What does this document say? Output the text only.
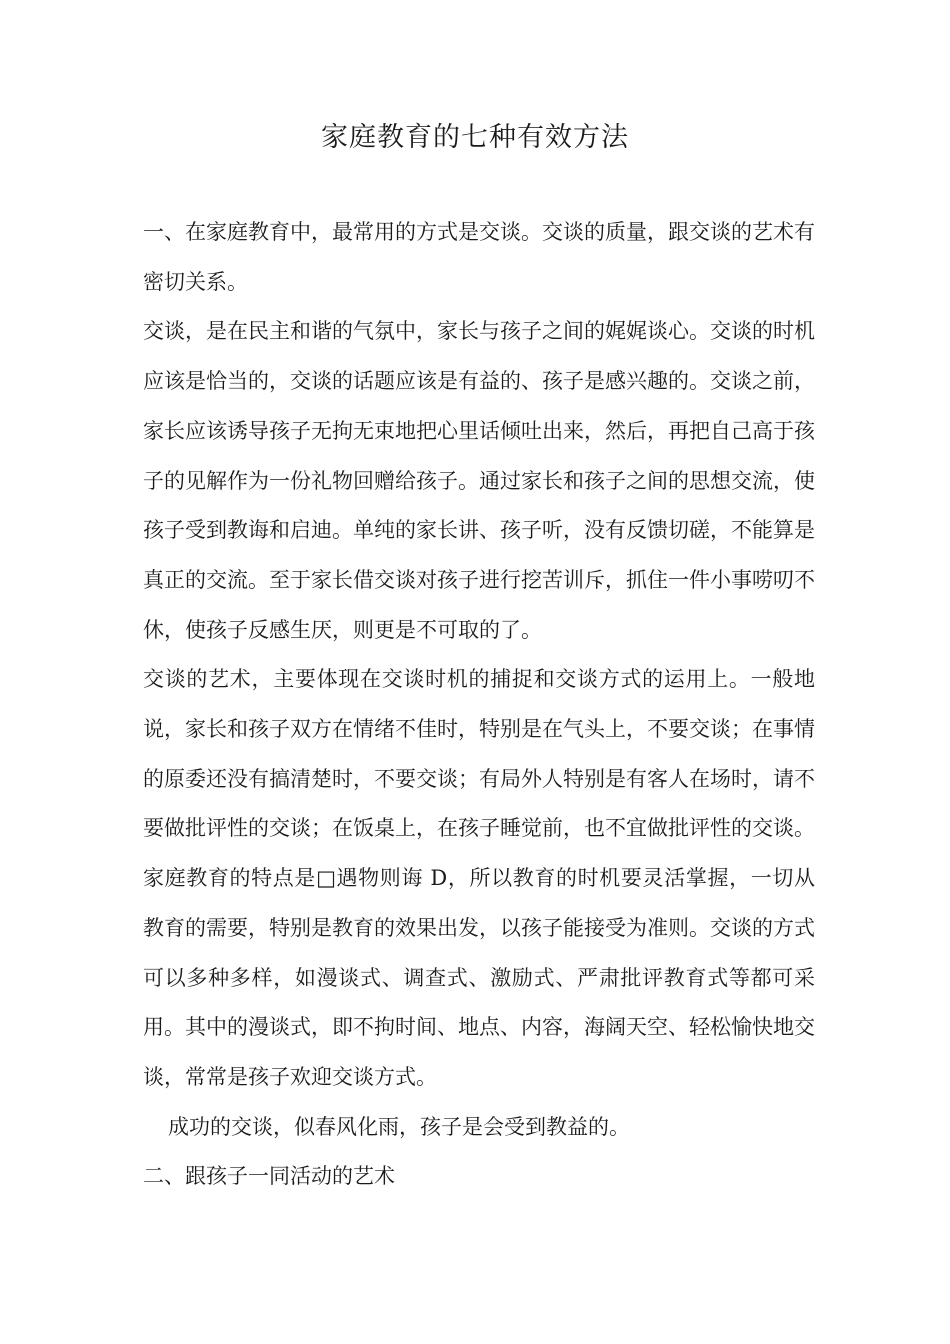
家庭教育的七种有效方法

一、在家庭教育中，最常用的方式是交谈。交谈的质量，跟交谈的艺术有密切关系。

交谈，是在民主和谐的气氛中，家长与孩子之间的娓娓谈心。交谈的时机应该是恰当的，交谈的话题应该是有益的、孩子是感兴趣的。交谈之前，家长应该诱导孩子无拘无束地把心里话倾吐出来，然后，再把自己高于孩子的见解作为一份礼物回赠给孩子。通过家长和孩子之间的思想交流，使孩子受到教诲和启迪。单纯的家长讲、孩子听，没有反馈切磋，不能算是真正的交流。至于家长借交谈对孩子进行挖苦训斥，抓住一件小事唠叨不休，使孩子反感生厌，则更是不可取的了。

交谈的艺术，主要体现在交谈时机的捕捉和交谈方式的运用上。一般地说，家长和孩子双方在情绪不佳时，特别是在气头上，不要交谈；在事情的原委还没有搞清楚时，不要交谈；有局外人特别是有客人在场时，请不要做批评性的交谈；在饭桌上，在孩子睡觉前，也不宜做批评性的交谈。家庭教育的特点是□遇物则诲 D，所以教育的时机要灵活掌握，一切从教育的需要，特别是教育的效果出发，以孩子能接受为准则。交谈的方式可以多种多样，如漫谈式、调查式、激励式、严肃批评教育式等都可采用。其中的漫谈式，即不拘时间、地点、内容，海阔天空、轻松愉快地交谈，常常是孩子欢迎交谈方式。

成功的交谈，似春风化雨，孩子是会受到教益的。

二、跟孩子一同活动的艺术
